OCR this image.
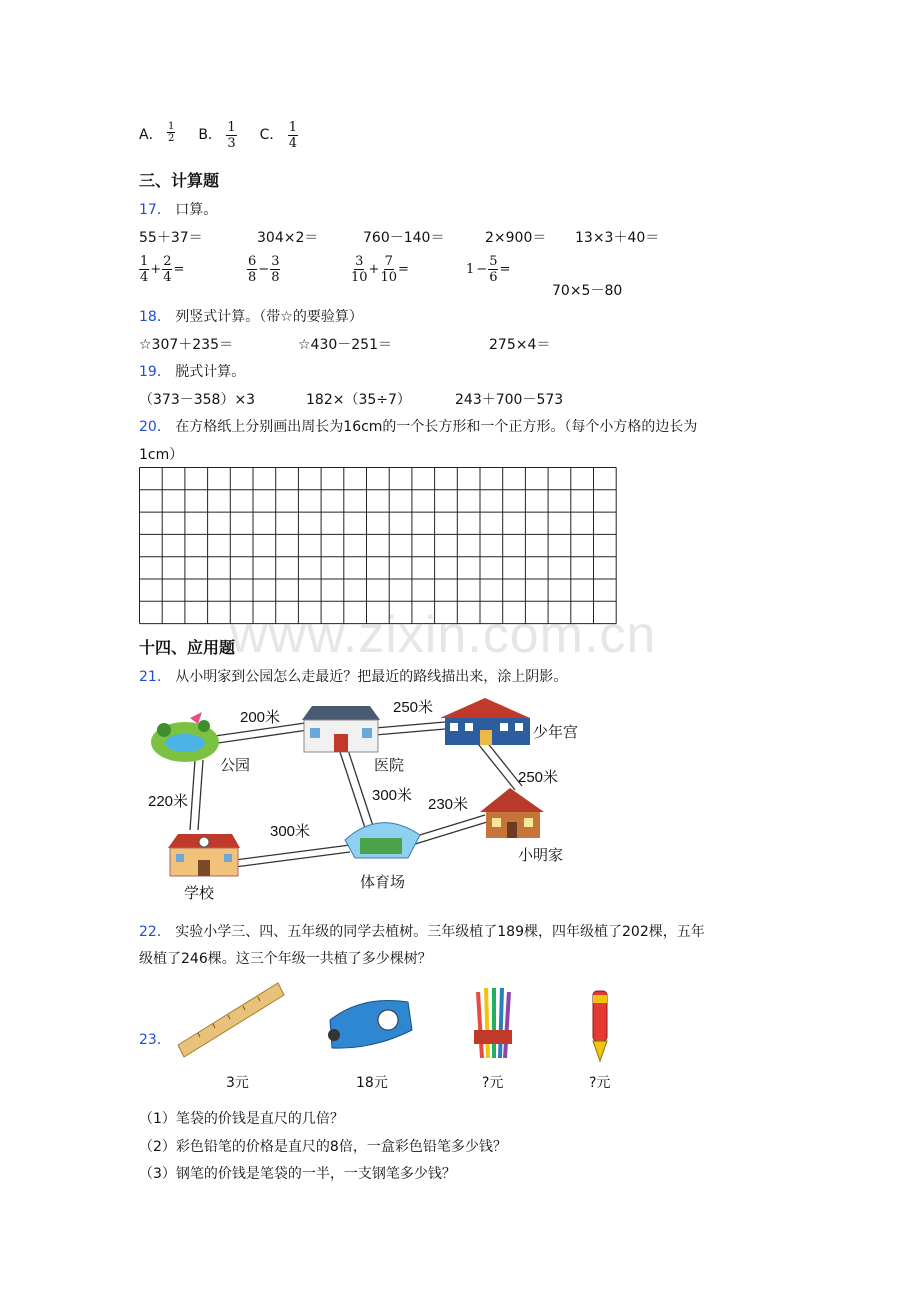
www.zixin.com.cn
A． $\frac{1}{2}$ B． $\frac{1}{3}$ C． $\frac{1}{4}$
三、计算题
17． 口算。
55＋37＝	304×2＝	760－140＝	2×900＝ 13×3＋40＝
$\frac{1}{4} + \frac{2}{4}$ =	$\frac{6}{8} - \frac{3}{8}$	$\frac{3}{10} + \frac{7}{10}$ =	$1 - \frac{5}{6}$ =
70×5－80
18． 列竖式计算。（带☆的要验算）
☆307＋235＝	☆430－251＝	275×4＝
19． 脱式计算。
（373－358）×3	182×（35÷7）	243＋700－573
20． 在方格纸上分别画出周长为16cm的一个长方形和一个正方形。（每个小方格的边长为
1cm）
十四、应用题
21． 从小明家到公园怎么走最近？把最近的路线描出来，涂上阴影。
公园	医院
少年宫
学校
体育场
小明家
200米
250米
250米
220米
300米
300米
230米
22． 实验小学三、四、五年级的同学去植树。三年级植了189棵，四年级植了202棵，五年
级植了246棵。这三个年级一共植了多少棵树？
23．
3元	18元	?元	?元
（1）笔袋的价钱是直尺的几倍？
（2）彩色铅笔的价格是直尺的8倍，一盒彩色铅笔多少钱？
（3）钢笔的价钱是笔袋的一半，一支钢笔多少钱？
